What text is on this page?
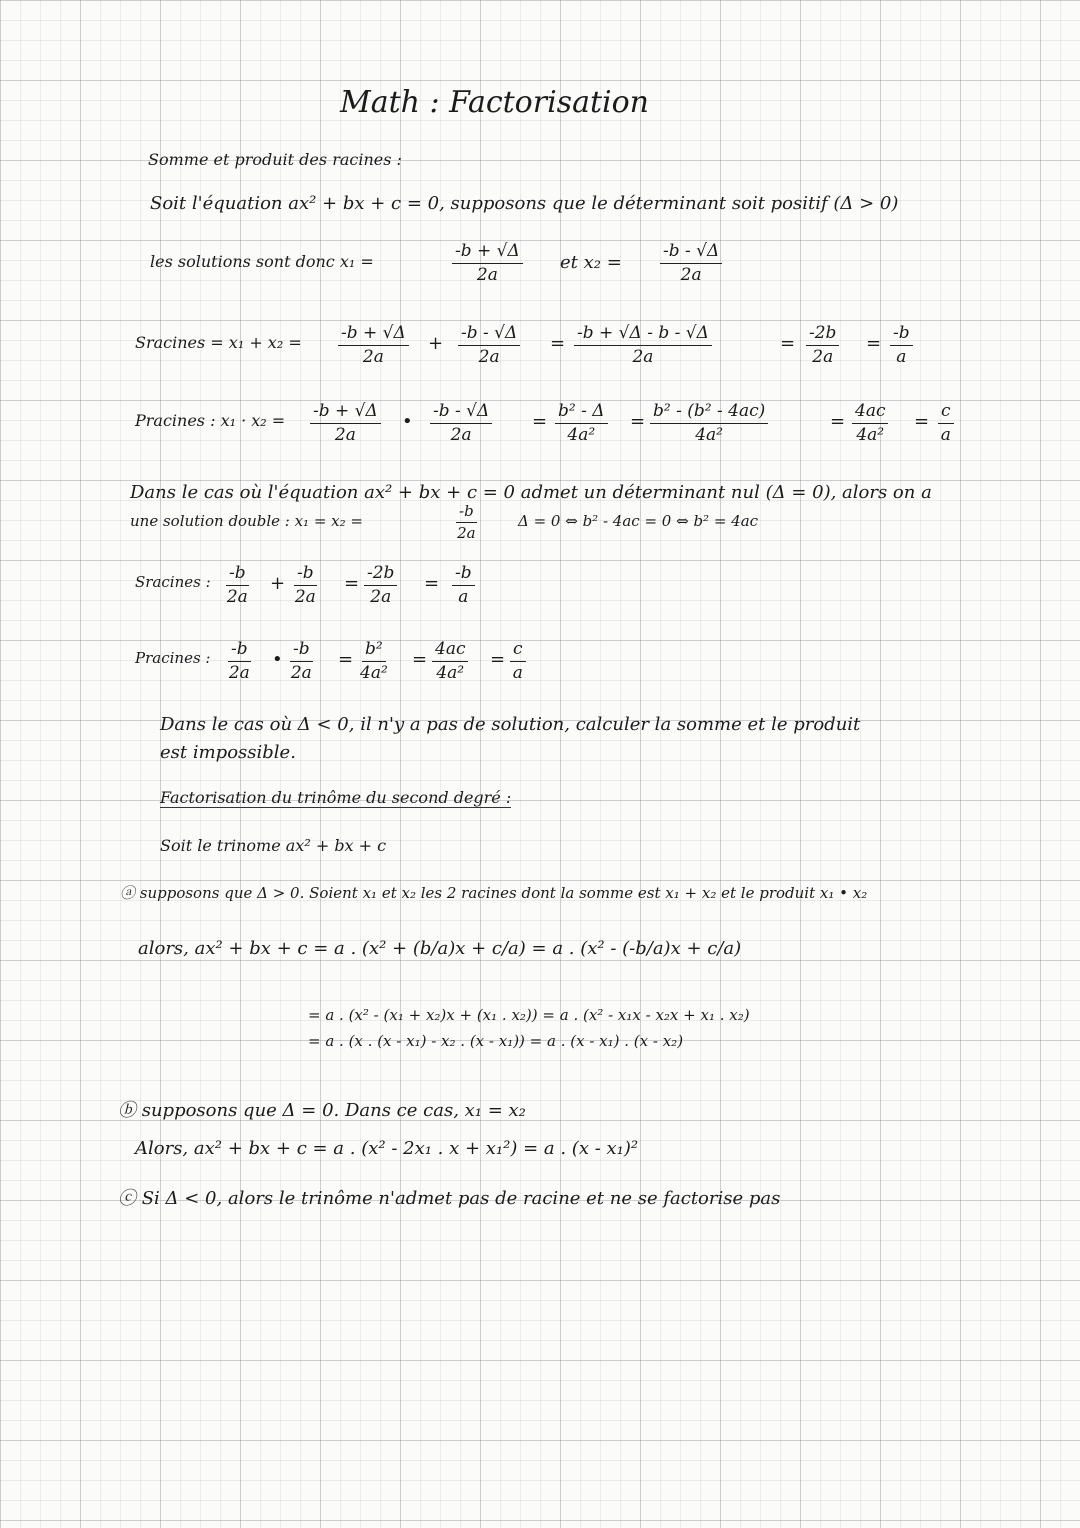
Math : Factorisation
Somme et produit des racines :
Soit l'équation ax² + bx + c = 0, supposons que le déterminant soit positif (Δ > 0)
les solutions sont donc x₁ =	$\frac{-b + √\Delta}{2a}$ et $x_2 = \frac{-b - √\Delta}{2a}$
Sracines = $x_1 + x_2 = \frac{-b + √\Delta}{2a} + \frac{-b - √\Delta}{2a} = \frac{-b + √\Delta - b - √\Delta}{2a}$	= $\frac{-2b}{2a} = \frac{-b}{a}$
Pracines : $x_1 \cdot x_2 = \frac{-b + √\Delta}{2a}$ • $\frac{-b - √\Delta}{2a} = \frac{\text{b² - Δ}}{\text{4a²}} = \frac{\text{b² - (b² - 4ac)}}{\text{4a²}}$	= $\frac{4ac}{\text{4a²}} = \frac{c}{a}$
Dans le cas où l'équation ax² + bx + c = 0 admet un déterminant nul (Δ = 0), alors on a
une solution double : x₁ = x₂ =	$\frac{-b}{2a}$	Δ = 0 ⇔ b² - 4ac = 0 ⇔ b² = 4ac
Sracines : $\frac{-b}{2a} + \frac{-b}{2a} = \frac{-2b}{2a} = \frac{-b}{a}$
Pracines : $\frac{-b}{2a}$ • $\frac{-b}{2a} = \frac{\text{b²}}{\text{4a²}} = \frac{4ac}{\text{4a²}} = \frac{c}{a}$
Dans le cas où Δ < 0, il n'y a pas de solution, calculer la somme et le produit
est impossible.
Factorisation du trinôme du second degré :
Soit le trinome ax² + bx + c
ⓐ supposons que Δ > 0. Soient x₁ et x₂ les 2 racines dont la somme est x₁ + x₂ et le produit x₁ • x₂
alors, ax² + bx + c = a . (x² + (b/a)x + c/a) = a . (x² - (-b/a)x + c/a)
= a . (x² - (x₁ + x₂)x + (x₁ . x₂)) = a . (x² - x₁x - x₂x + x₁ . x₂)
= a . (x . (x - x₁) - x₂ . (x - x₁)) = a . (x - x₁) . (x - x₂)
ⓑ supposons que Δ = 0. Dans ce cas, x₁ = x₂
Alors, ax² + bx + c = a . (x² - 2x₁ . x + x₁²) = a . (x - x₁)²
ⓒ Si Δ < 0, alors le trinôme n'admet pas de racine et ne se factorise pas
